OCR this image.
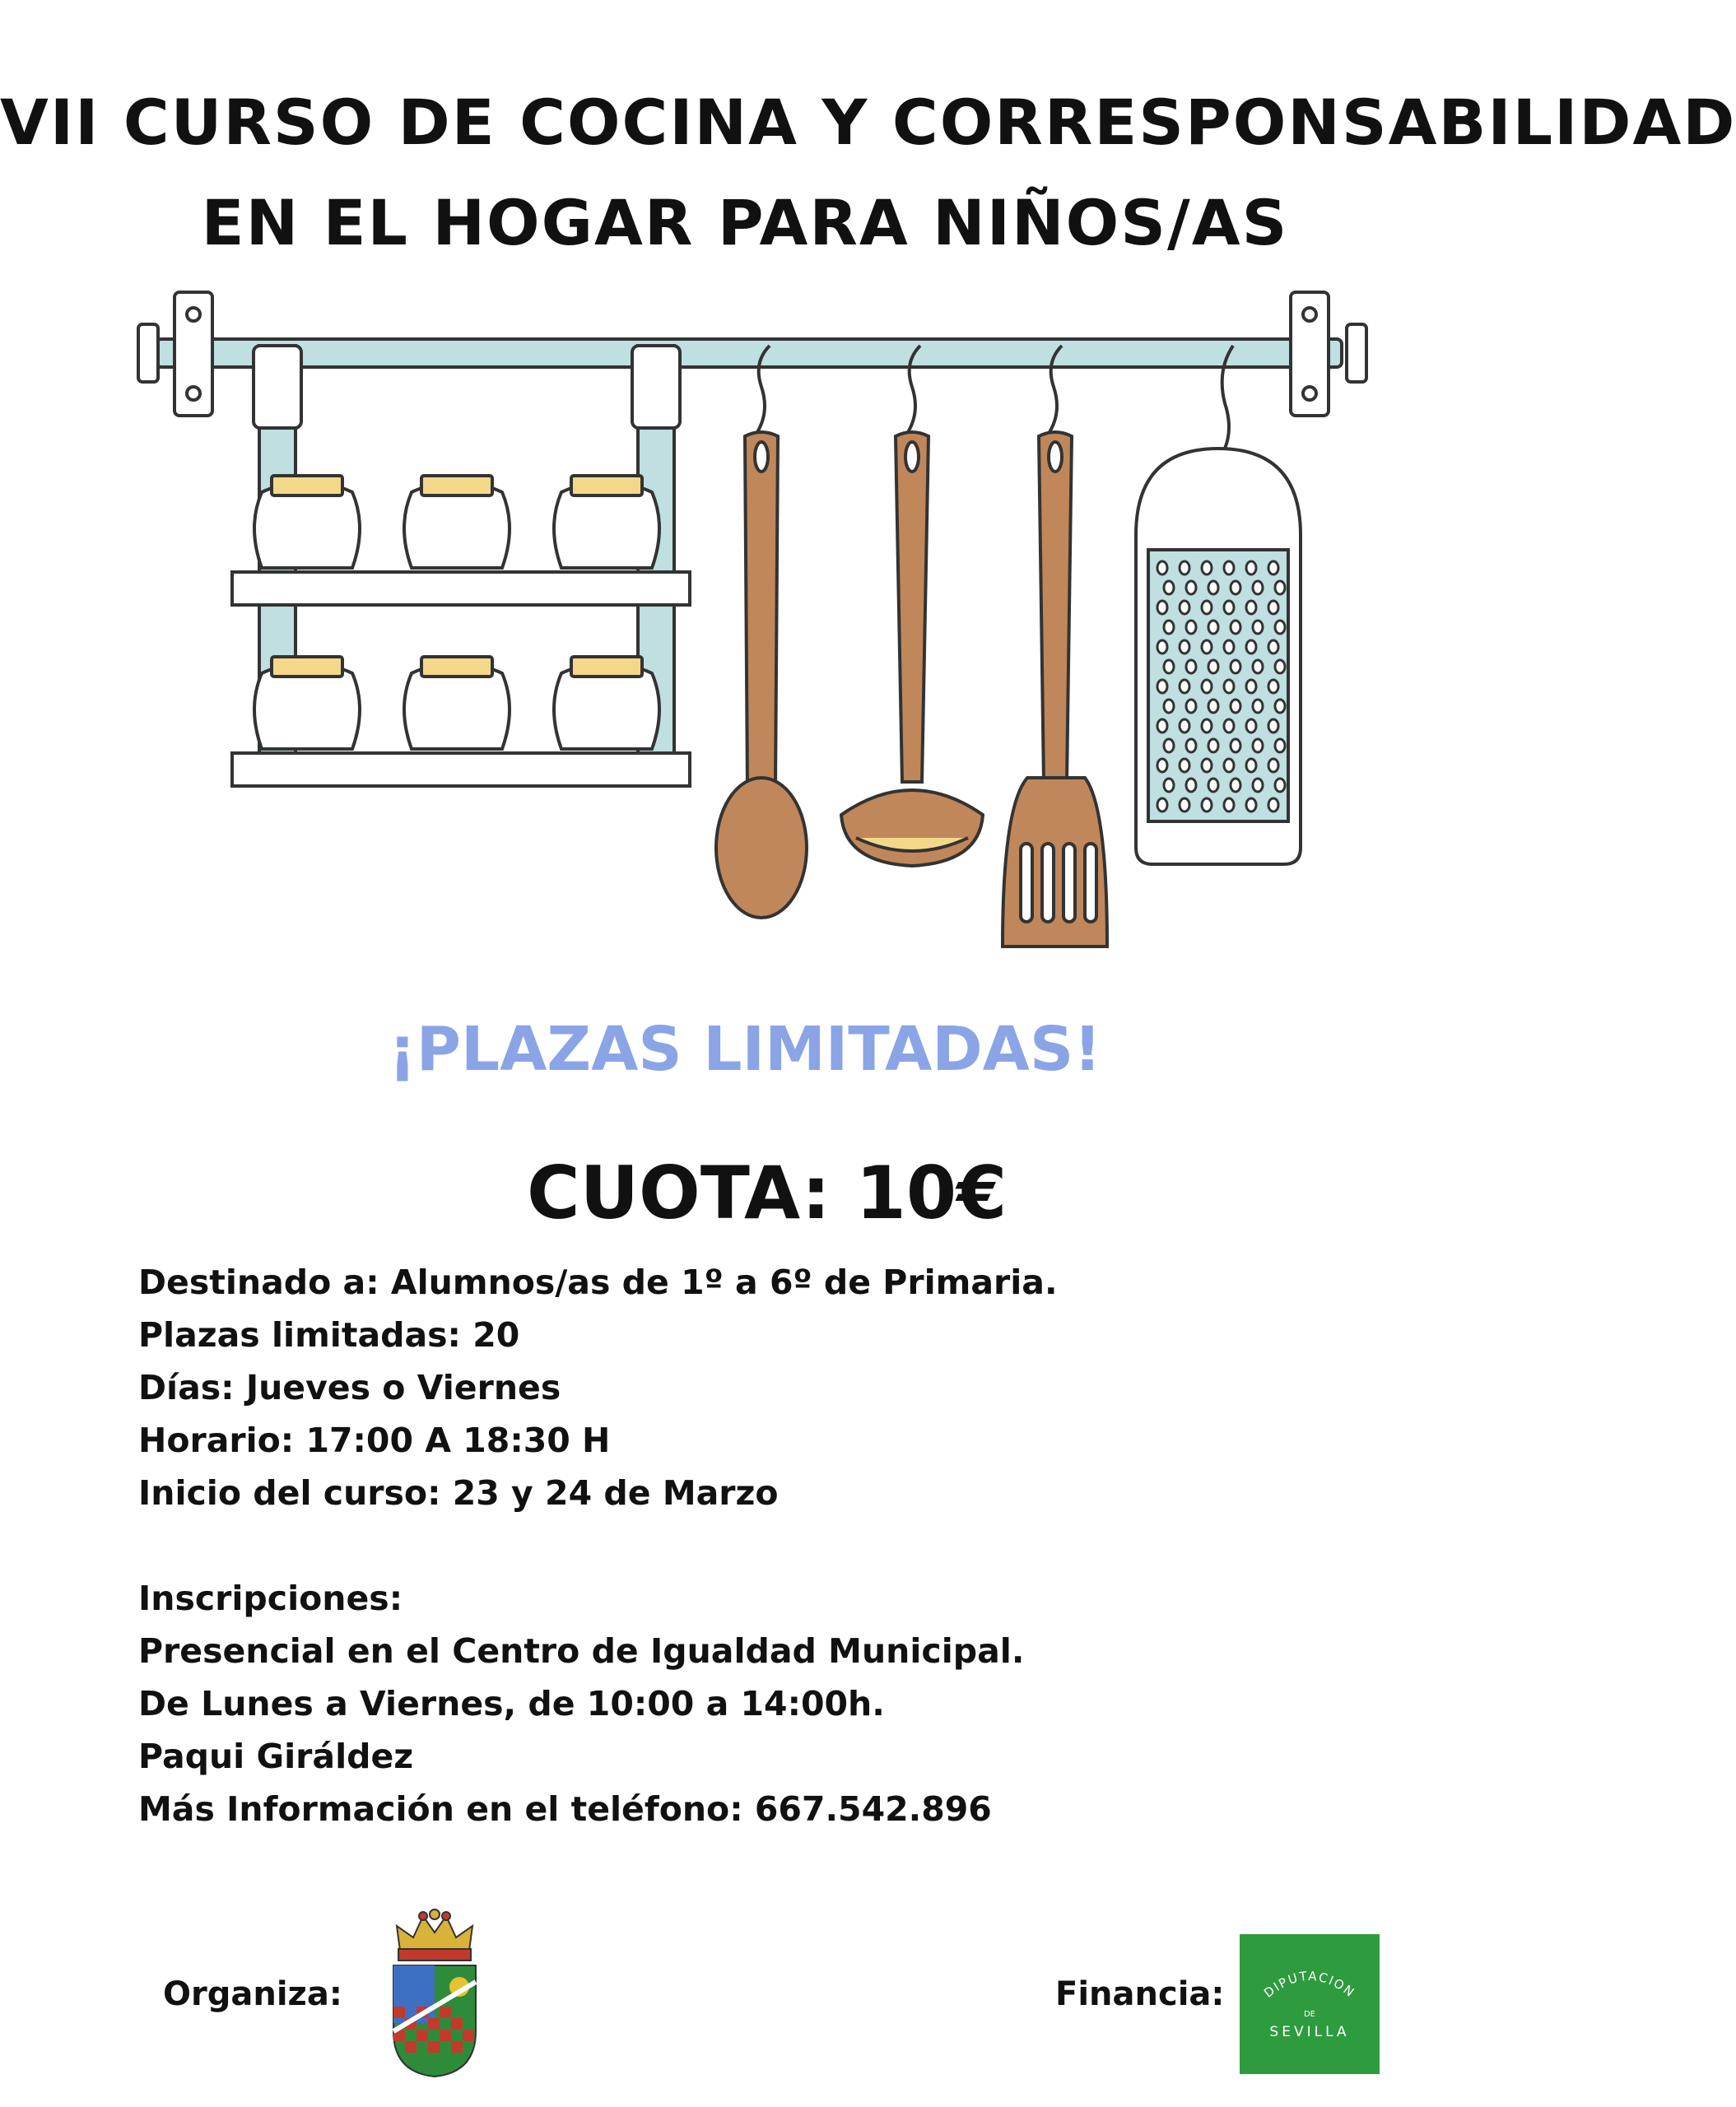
VII CURSO DE COCINA Y CORRESPONSABILIDAD
EN EL HOGAR PARA NIÑOS/AS
¡PLAZAS LIMITADAS!
CUOTA: 10€
Destinado a: Alumnos/as de 1º a 6º de Primaria.
Plazas limitadas: 20
Días: Jueves o Viernes
Horario: 17:00 A 18:30 H
Inicio del curso: 23 y 24 de Marzo
Inscripciones:
Presencial en el Centro de Igualdad Municipal.
De Lunes a Viernes, de 10:00 a 14:00h.
Paqui Giráldez
Más Información en el teléfono: 667.542.896
Organiza:	Financia:	DIPUTACION
DE
SEVILLA
